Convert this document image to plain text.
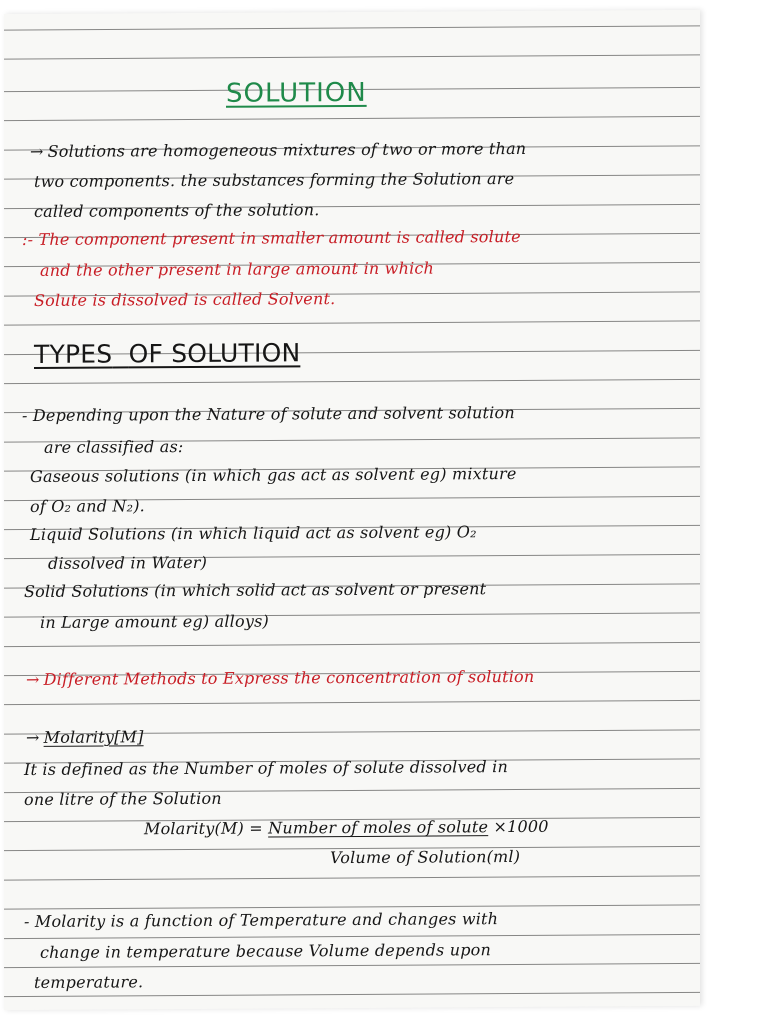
SOLUTION
→ Solutions are homogeneous mixtures of two or more than
two components. the substances forming the Solution are
called components of the solution.
:- The component present in smaller amount is called solute
and the other present in large amount in which
Solute is dissolved is called Solvent.
TYPES OF SOLUTION
- Depending upon the Nature of solute and solvent solution
are classified as:
Gaseous solutions (in which gas act as solvent eg) mixture
of O₂ and N₂).
Liquid Solutions (in which liquid act as solvent eg) O₂
dissolved in Water)
Solid Solutions (in which solid act as solvent or present
in Large amount eg) alloys)
→ Different Methods to Express the concentration of solution
→ Molarity[M]
It is defined as the Number of moles of solute dissolved in
one litre of the Solution
Molarity(M) = Number of moles of solute ×1000
Volume of Solution(ml)
- Molarity is a function of Temperature and changes with
change in temperature because Volume depends upon
temperature.
